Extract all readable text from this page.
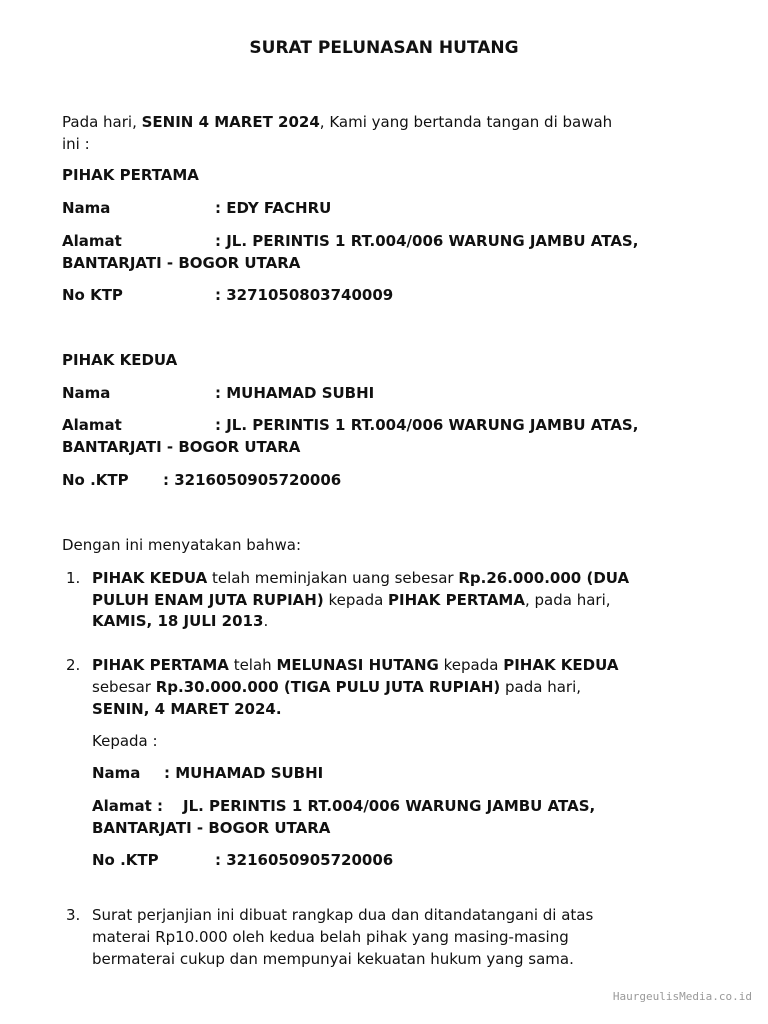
SURAT PELUNASAN HUTANG
Pada hari, SENIN 4 MARET 2024, Kami yang bertanda tangan di bawah
ini :
PIHAK PERTAMA
Nama	: EDY FACHRU
Alamat	: JL. PERINTIS 1 RT.004/006 WARUNG JAMBU ATAS,
BANTARJATI - BOGOR UTARA
No KTP	: 3271050803740009
PIHAK KEDUA
Nama	: MUHAMAD SUBHI
Alamat	: JL. PERINTIS 1 RT.004/006 WARUNG JAMBU ATAS,
BANTARJATI - BOGOR UTARA
No .KTP : 3216050905720006
Dengan ini menyatakan bahwa:
1. PIHAK KEDUA telah meminjakan uang sebesar Rp.26.000.000 (DUA
PULUH ENAM JUTA RUPIAH) kepada PIHAK PERTAMA, pada hari,
KAMIS, 18 JULI 2013.
2. PIHAK PERTAMA telah MELUNASI HUTANG kepada PIHAK KEDUA
sebesar Rp.30.000.000 (TIGA PULU JUTA RUPIAH) pada hari,
SENIN, 4 MARET 2024.
Kepada :
Nama : MUHAMAD SUBHI
Alamat : JL. PERINTIS 1 RT.004/006 WARUNG JAMBU ATAS,
BANTARJATI - BOGOR UTARA
No .KTP	: 3216050905720006
3. Surat perjanjian ini dibuat rangkap dua dan ditandatangani di atas
materai Rp10.000 oleh kedua belah pihak yang masing-masing
bermaterai cukup dan mempunyai kekuatan hukum yang sama.
HaurgeulisMedia.co.id
